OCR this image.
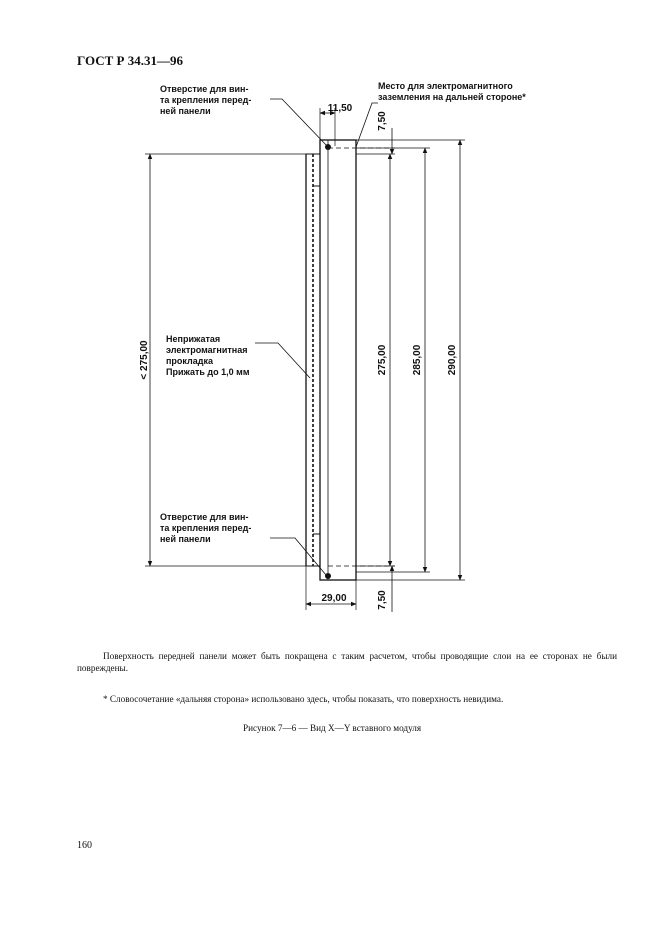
ГОСТ Р 34.31—96
Отверстие для вин-
та крепления перед-
ней панели
Место для электромагнитного
заземления на дальней стороне*
Неприжатая
электромагнитная
прокладка
Прижать до 1,0 мм
Отверстие для вин-
та крепления перед-
ней панели
11,50
7,50
< 275,00	275,00 285,00 290,00
29,00	7,50
Поверхность передней панели может быть покращена с таким расчетом, чтобы проводящие слои на ее сторонах не были повреждены.
* Словосочетание «дальняя сторона» использовано здесь, чтобы показать, что поверхность невидима.
Рисунок 7—6 — Вид X—Y вставного модуля
160
